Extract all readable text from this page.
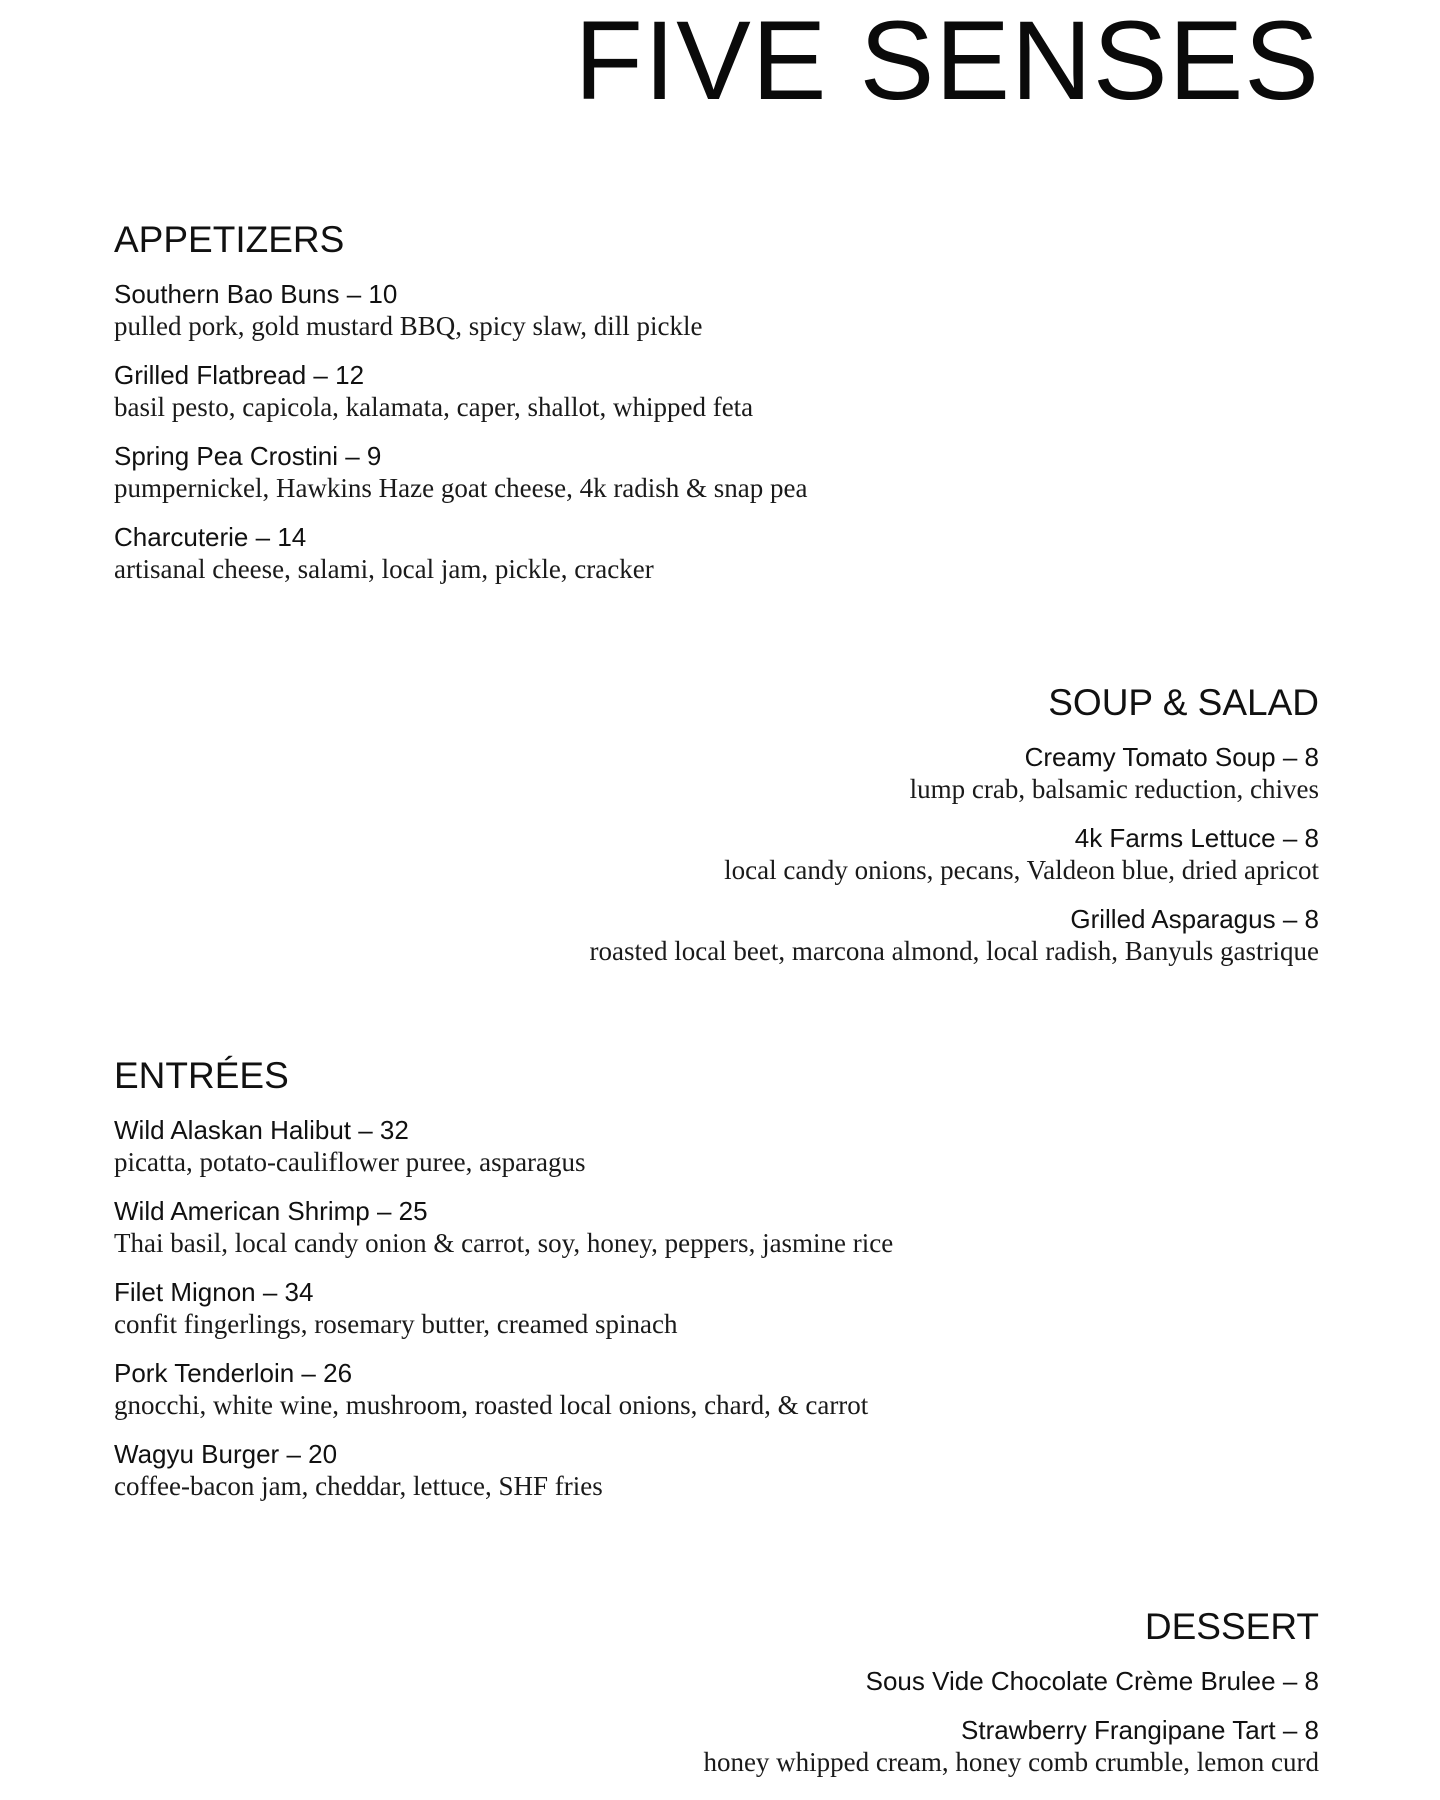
FIVE SENSES
APPETIZERS
Southern Bao Buns – 10
pulled pork, gold mustard BBQ, spicy slaw, dill pickle
Grilled Flatbread – 12
basil pesto, capicola, kalamata, caper, shallot, whipped feta
Spring Pea Crostini – 9
pumpernickel, Hawkins Haze goat cheese, 4k radish & snap pea
Charcuterie – 14
artisanal cheese, salami, local jam, pickle, cracker
SOUP & SALAD
Creamy Tomato Soup – 8
lump crab, balsamic reduction, chives
4k Farms Lettuce – 8
local candy onions, pecans, Valdeon blue, dried apricot
Grilled Asparagus – 8
roasted local beet, marcona almond, local radish, Banyuls gastrique
ENTRÉES
Wild Alaskan Halibut – 32
picatta, potato-cauliflower puree, asparagus
Wild American Shrimp – 25
Thai basil, local candy onion & carrot, soy, honey, peppers, jasmine rice
Filet Mignon – 34
confit fingerlings, rosemary butter, creamed spinach
Pork Tenderloin – 26
gnocchi, white wine, mushroom, roasted local onions, chard, & carrot
Wagyu Burger – 20
coffee-bacon jam, cheddar, lettuce, SHF fries
DESSERT
Sous Vide Chocolate Crème Brulee – 8
Strawberry Frangipane Tart – 8
honey whipped cream, honey comb crumble, lemon curd
